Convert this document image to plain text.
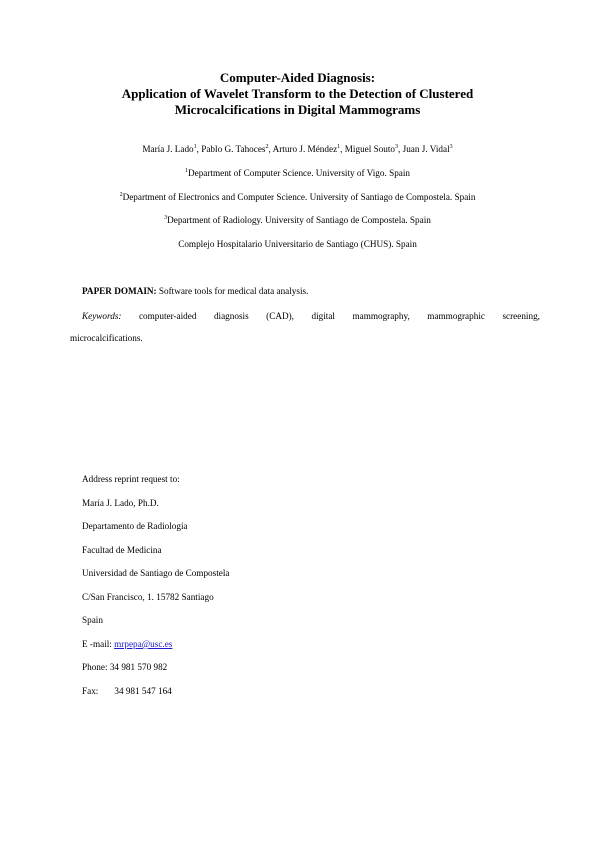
Computer-Aided Diagnosis:
Application of Wavelet Transform to the Detection of Clustered
Microcalcifications in Digital Mammograms
María J. Lado$^1$, Pablo G. Tahoces$^2$, Arturo J. Méndez$^1$, Miguel Souto$^3$, Juan J. Vidal$^3$
$^1$Department of Computer Science. University of Vigo. Spain
$^2$Department of Electronics and Computer Science. University of Santiago de Compostela. Spain
$^3$Department of Radiology. University of Santiago de Compostela. Spain
Complejo Hospitalario Universitario de Santiago (CHUS). Spain
PAPER DOMAIN: Software tools for medical data analysis.
Keywords: computer-aided diagnosis (CAD), digital mammography, mammographic screening,
microcalcifications.
Address reprint request to:
María J. Lado, Ph.D.
Departamento de Radiología
Facultad de Medicina
Universidad de Santiago de Compostela
C/San Francisco, 1. 15782 Santiago
Spain
E -mail: mrpepa@usc.es
Phone: 34 981 570 982
Fax: 34 981 547 164
